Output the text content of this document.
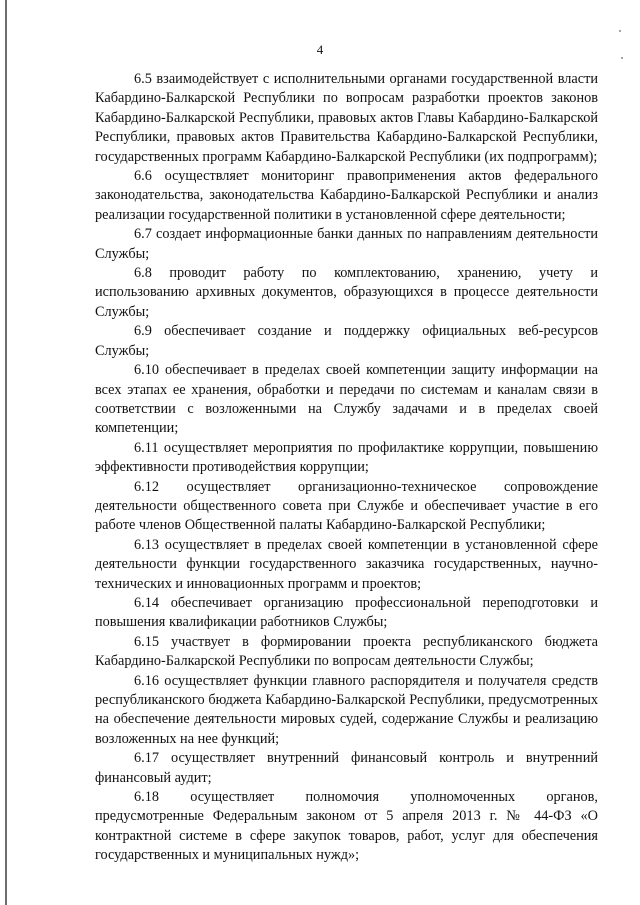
4

6.5 взаимодействует с исполнительными органами государственной власти Кабардино-Балкарской Республики по вопросам разработки проектов законов Кабардино-Балкарской Республики, правовых актов Главы Кабардино-Балкарской Республики, правовых актов Правительства Кабардино-Балкарской Республики, государственных программ Кабардино-Балкарской Республики (их подпрограмм);

6.6 осуществляет мониторинг правоприменения актов федерального законодательства, законодательства Кабардино-Балкарской Республики и анализ реализации государственной политики в установленной сфере деятельности;

6.7 создает информационные банки данных по направлениям деятельности Службы;

6.8 проводит работу по комплектованию, хранению, учету и использованию архивных документов, образующихся в процессе деятельности Службы;

6.9 обеспечивает создание и поддержку официальных веб-ресурсов Службы;

6.10 обеспечивает в пределах своей компетенции защиту информации на всех этапах ее хранения, обработки и передачи по системам и каналам связи в соответствии с возложенными на Службу задачами и в пределах своей компетенции;

6.11 осуществляет мероприятия по профилактике коррупции, повышению эффективности противодействия коррупции;

6.12 осуществляет организационно-техническое сопровождение деятельности общественного совета при Службе и обеспечивает участие в его работе членов Общественной палаты Кабардино-Балкарской Республики;

6.13 осуществляет в пределах своей компетенции в установленной сфере деятельности функции государственного заказчика государственных, научно-технических и инновационных программ и проектов;

6.14 обеспечивает организацию профессиональной переподготовки и повышения квалификации работников Службы;

6.15 участвует в формировании проекта республиканского бюджета Кабардино-Балкарской Республики по вопросам деятельности Службы;

6.16 осуществляет функции главного распорядителя и получателя средств республиканского бюджета Кабардино-Балкарской Республики, предусмотренных на обеспечение деятельности мировых судей, содержание Службы и реализацию возложенных на нее функций;

6.17 осуществляет внутренний финансовый контроль и внутренний финансовый аудит;

6.18 осуществляет полномочия уполномоченных органов, предусмотренные Федеральным законом от 5 апреля 2013 г. № 44-ФЗ «О контрактной системе в сфере закупок товаров, работ, услуг для обеспечения государственных и муниципальных нужд»;
